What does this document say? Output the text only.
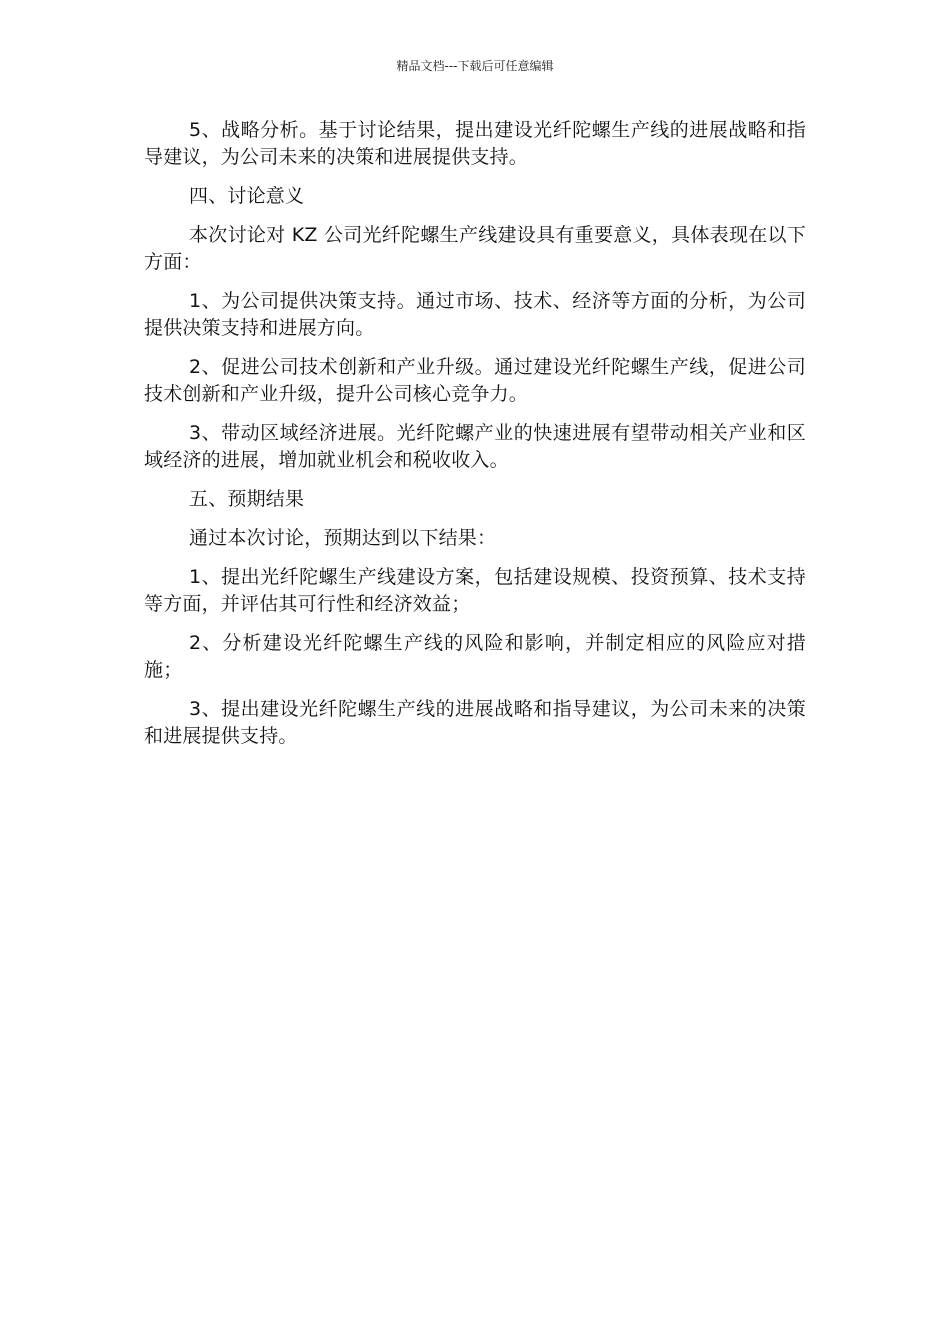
精品文档---下载后可任意编辑

5、战略分析。基于讨论结果，提出建设光纤陀螺生产线的进展战略和指导建议，为公司未来的决策和进展提供支持。

四、讨论意义

本次讨论对 KZ 公司光纤陀螺生产线建设具有重要意义，具体表现在以下方面：

1、为公司提供决策支持。通过市场、技术、经济等方面的分析，为公司提供决策支持和进展方向。

2、促进公司技术创新和产业升级。通过建设光纤陀螺生产线，促进公司技术创新和产业升级，提升公司核心竞争力。

3、带动区域经济进展。光纤陀螺产业的快速进展有望带动相关产业和区域经济的进展，增加就业机会和税收收入。

五、预期结果

通过本次讨论，预期达到以下结果：

1、提出光纤陀螺生产线建设方案，包括建设规模、投资预算、技术支持等方面，并评估其可行性和经济效益；

2、分析建设光纤陀螺生产线的风险和影响，并制定相应的风险应对措施；

3、提出建设光纤陀螺生产线的进展战略和指导建议，为公司未来的决策和进展提供支持。
